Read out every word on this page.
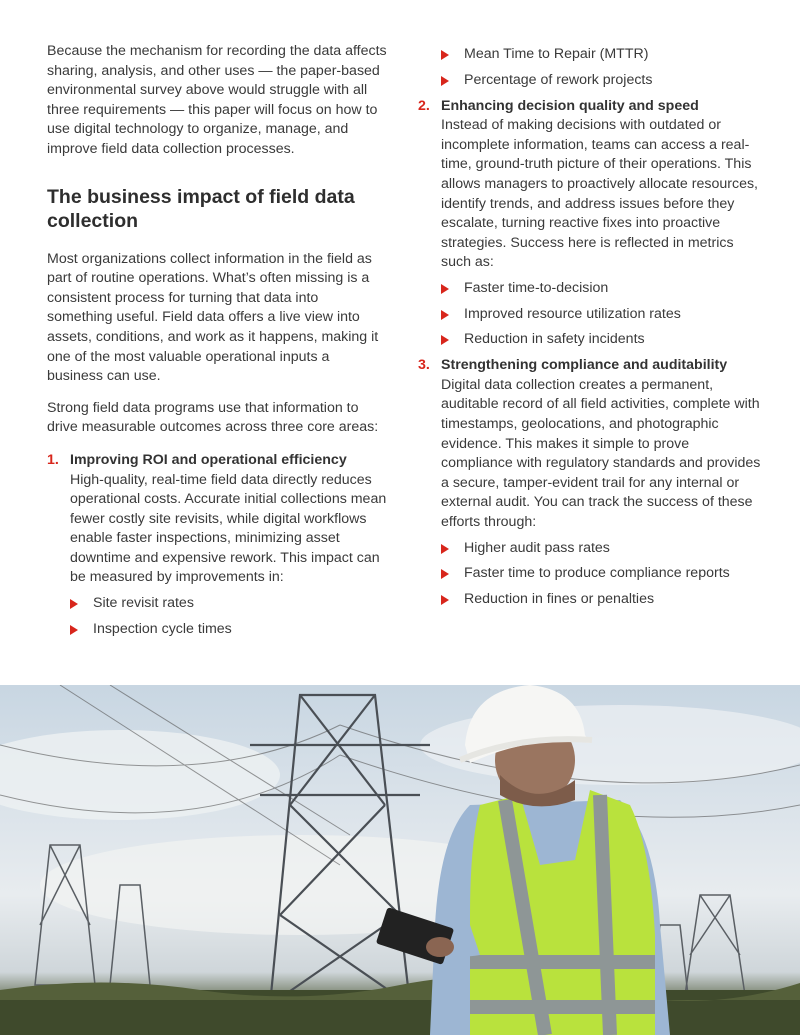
Because the mechanism for recording the data affects sharing, analysis, and other uses — the paper-based environmental survey above would struggle with all three requirements — this paper will focus on how to use digital technology to organize, manage, and improve field data collection processes.

The business impact of field data collection

Most organizations collect information in the field as part of routine operations. What’s often missing is a consistent process for turning that data into something useful. Field data offers a live view into assets, conditions, and work as it happens, making it one of the most valuable operational inputs a business can use.

Strong field data programs use that information to drive measurable outcomes across three core areas:

1. Improving ROI and operational efficiency

High-quality, real-time field data directly reduces operational costs. Accurate initial collections mean fewer costly site revisits, while digital workflows enable faster inspections, minimizing asset downtime and expensive rework. This impact can be measured by improvements in:

Site revisit rates
Inspection cycle times
Mean Time to Repair (MTTR)
Percentage of rework projects
2. Enhancing decision quality and speed

Instead of making decisions with outdated or incomplete information, teams can access a real-time, ground-truth picture of their operations. This allows managers to proactively allocate resources, identify trends, and address issues before they escalate, turning reactive fixes into proactive strategies. Success here is reflected in metrics such as:

Faster time-to-decision
Improved resource utilization rates
Reduction in safety incidents
3. Strengthening compliance and auditability

Digital data collection creates a permanent, auditable record of all field activities, complete with timestamps, geolocations, and photographic evidence. This makes it simple to prove compliance with regulatory standards and provides a secure, tamper-evident trail for any internal or external audit. You can track the success of these efforts through:

Higher audit pass rates
Faster time to produce compliance reports
Reduction in fines or penalties
